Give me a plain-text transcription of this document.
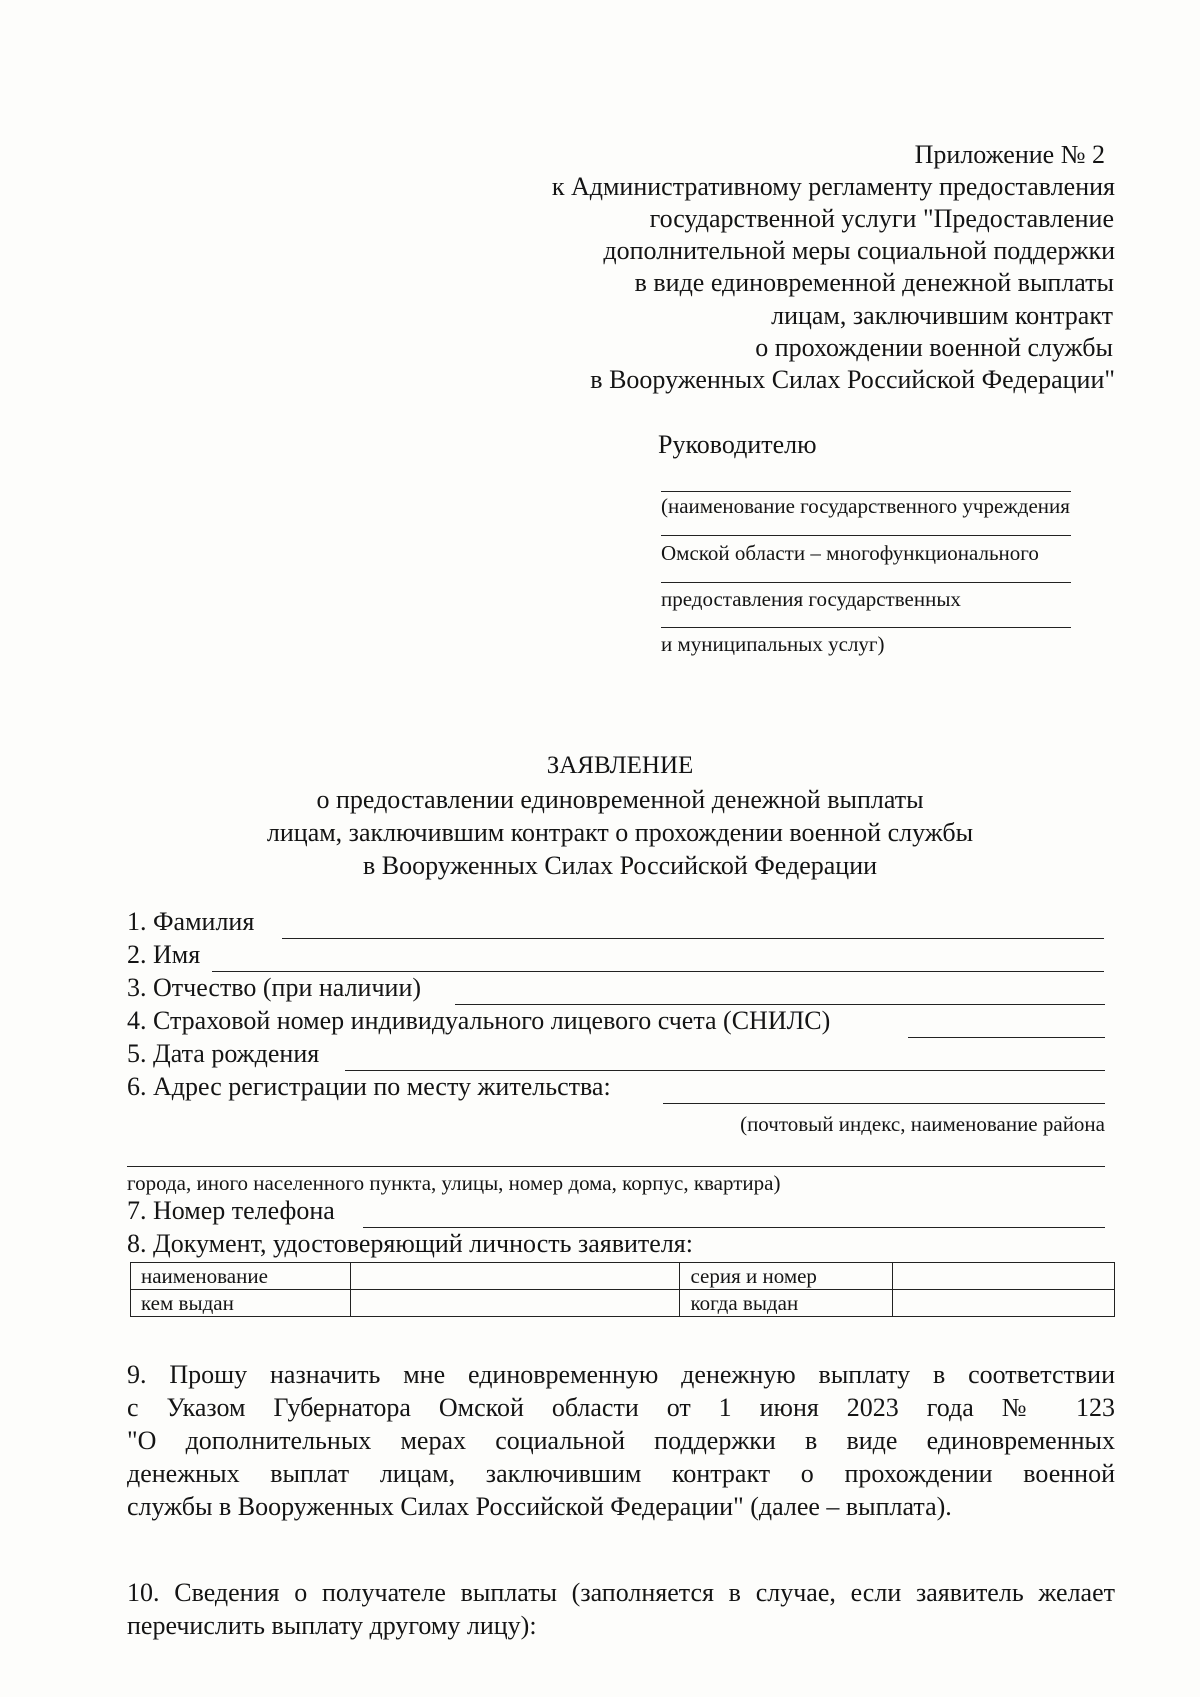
Приложение № 2
к Административному регламенту предоставления
государственной услуги "Предоставление
дополнительной меры социальной поддержки
в виде единовременной денежной выплаты
лицам, заключившим контракт
о прохождении военной службы
в Вооруженных Силах Российской Федерации"
Руководителю
(наименование государственного учреждения
Омской области – многофункционального
предоставления государственных
и муниципальных услуг)
ЗАЯВЛЕНИЕ
о предоставлении единовременной денежной выплаты
лицам, заключившим контракт о прохождении военной службы
в Вооруженных Силах Российской Федерации
1. Фамилия
2. Имя
3. Отчество (при наличии)
4. Страховой номер индивидуального лицевого счета (СНИЛС)
5. Дата рождения
6. Адрес регистрации по месту жительства:
(почтовый индекс, наименование района
города, иного населенного пункта, улицы, номер дома, корпус, квартира)
7. Номер телефона
8. Документ, удостоверяющий личность заявителя:
наименование		серия и номер	
кем выдан		когда выдан	
9. Прошу назначить мне единовременную денежную выплату в соответствии
с Указом Губернатора Омской области от 1 июня 2023 года № 123
"О дополнительных мерах социальной поддержки в виде единовременных
денежных выплат лицам, заключившим контракт о прохождении военной
службы в Вооруженных Силах Российской Федерации" (далее – выплата).
10. Сведения о получателе выплаты (заполняется в случае, если заявитель желает
перечислить выплату другому лицу):
